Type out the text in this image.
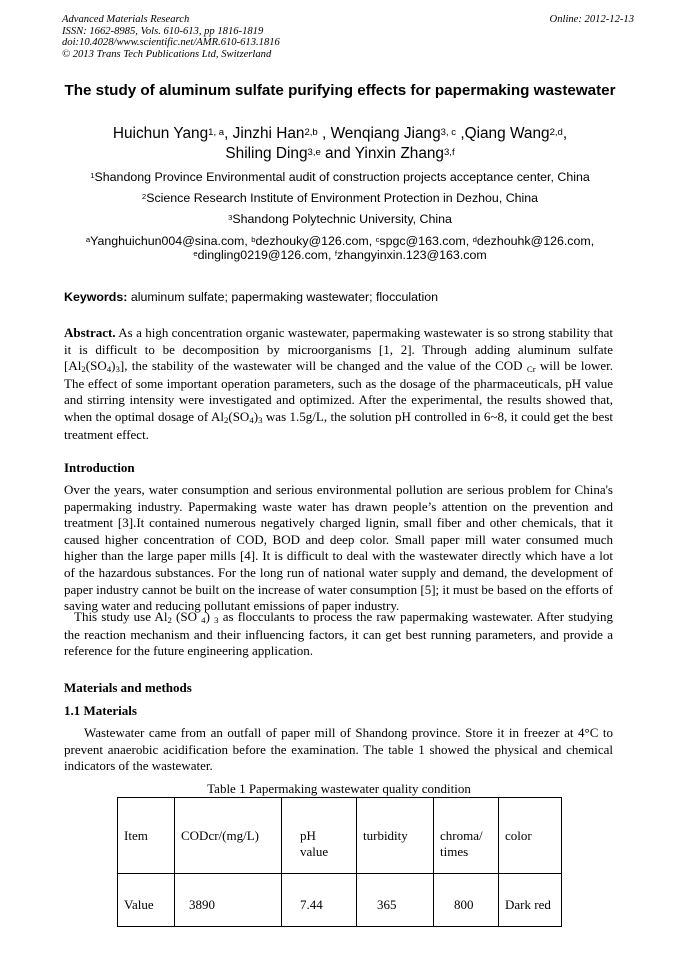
Advanced Materials Research
ISSN: 1662-8985, Vols. 610-613, pp 1816-1819
doi:10.4028/www.scientific.net/AMR.610-613.1816
© 2013 Trans Tech Publications Ltd, Switzerland
Online: 2012-12-13
The study of aluminum sulfate purifying effects for papermaking wastewater
Huichun Yang$^{1, a}$, Jinzhi Han$^{2,b}$ , Wenqiang Jiang$^{3, c}$ ,Qiang Wang$^{2,d}$,
Shiling Ding$^{3,e}$ and Yinxin Zhang$^{3,f}$
$^1$Shandong Province Environmental audit of construction projects acceptance center, China
$^2$Science Research Institute of Environment Protection in Dezhou, China
$^3$Shandong Polytechnic University, China
$^a$Yanghuichun004@sina.com, $^b$dezhouky@126.com, $^c$spgc@163.com, $^d$dezhouhk@126.com,
$^e$dingling0219@126.com, $^f$zhangyinxin.123@163.com
Keywords: aluminum sulfate; papermaking wastewater; flocculation
Abstract. As a high concentration organic wastewater, papermaking wastewater is so strong stability that it is difficult to be decomposition by microorganisms [1, 2]. Through adding aluminum sulfate $[Al_2(SO_4)_3]$, the stability of the wastewater will be changed and the value of the COD $_{Cr}$ will be lower. The effect of some important operation parameters, such as the dosage of the pharmaceuticals, pH value and stirring intensity were investigated and optimized. After the experimental, the results showed that, when the optimal dosage of $Al_2(SO_4)_3$ was 1.5g/L, the solution pH controlled in 6~8, it could get the best treatment effect.
Introduction
Over the years, water consumption and serious environmental pollution are serious problem for China's papermaking industry. Papermaking waste water has drawn people’s attention on the prevention and treatment [3].It contained numerous negatively charged lignin, small fiber and other chemicals, that it caused higher concentration of COD, BOD and deep color. Small paper mill water consumed much higher than the large paper mills [4]. It is difficult to deal with the wastewater directly which have a lot of the hazardous substances. For the long run of national water supply and demand, the development of paper industry cannot be built on the increase of water consumption [5]; it must be based on the efforts of saving water and reducing pollutant emissions of paper industry.
This study use $Al_2$ (SO $_4$) $_3$ as flocculants to process the raw papermaking wastewater. After studying the reaction mechanism and their influencing factors, it can get best running parameters, and provide a reference for the future engineering application.
Materials and methods
1.1 Materials
Wastewater came from an outfall of paper mill of Shandong province. Store it in freezer at 4°C to prevent anaerobic acidification before the examination. The table 1 showed the physical and chemical indicators of the wastewater.
Table 1 Papermaking wastewater quality condition
Item	CODcr/(mg/L)	pH value	turbidity	chroma/ times	color
Value	3890	7.44	365	800	Dark red
